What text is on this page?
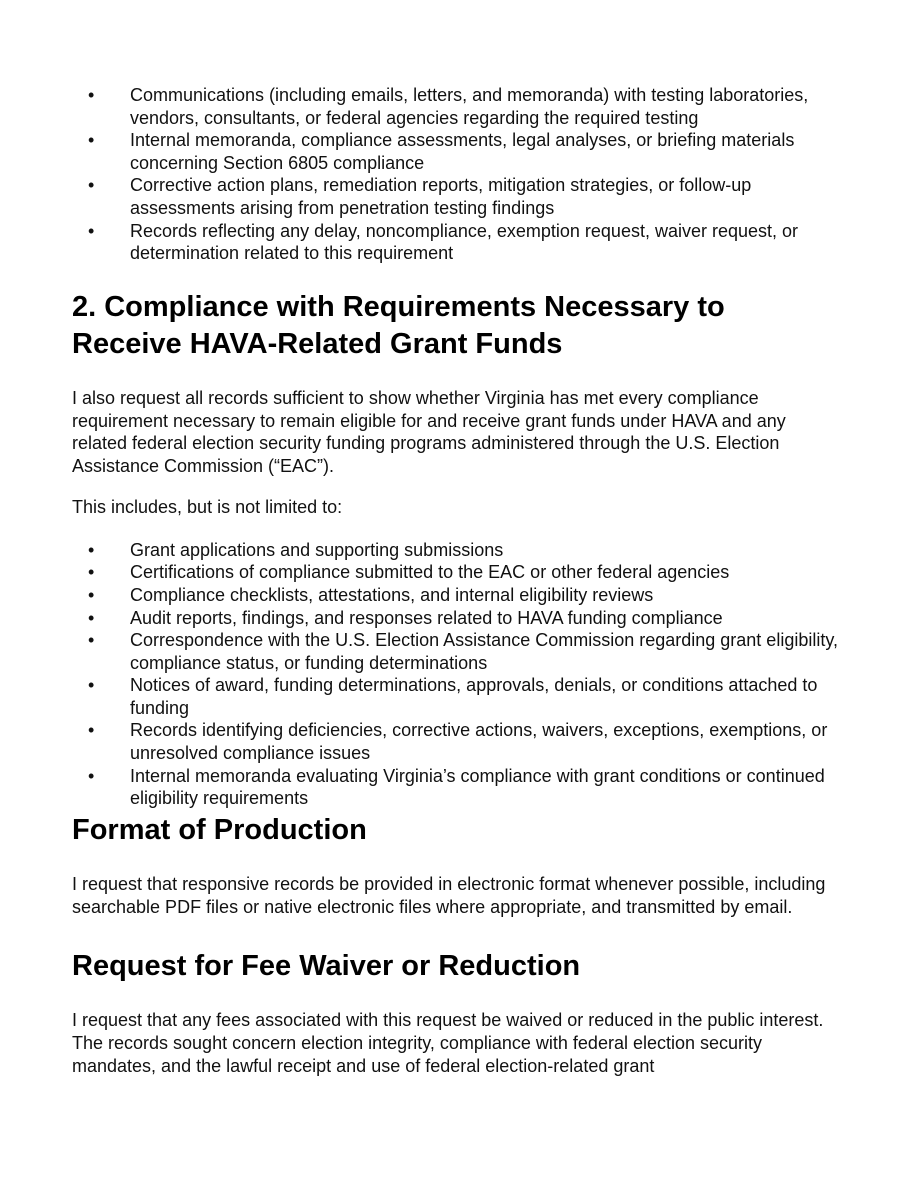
• Communications (including emails, letters, and memoranda) with testing laboratories, vendors, consultants, or federal agencies regarding the required testing
• Internal memoranda, compliance assessments, legal analyses, or briefing materials concerning Section 6805 compliance
• Corrective action plans, remediation reports, mitigation strategies, or follow-up assessments arising from penetration testing findings
• Records reflecting any delay, noncompliance, exemption request, waiver request, or determination related to this requirement
2. Compliance with Requirements Necessary to Receive HAVA-Related Grant Funds

I also request all records sufficient to show whether Virginia has met every compliance requirement necessary to remain eligible for and receive grant funds under HAVA and any related federal election security funding programs administered through the U.S. Election Assistance Commission (“EAC”).

This includes, but is not limited to:

• Grant applications and supporting submissions
• Certifications of compliance submitted to the EAC or other federal agencies
• Compliance checklists, attestations, and internal eligibility reviews
• Audit reports, findings, and responses related to HAVA funding compliance
• Correspondence with the U.S. Election Assistance Commission regarding grant eligibility, compliance status, or funding determinations
• Notices of award, funding determinations, approvals, denials, or conditions attached to funding
• Records identifying deficiencies, corrective actions, waivers, exceptions, exemptions, or unresolved compliance issues
• Internal memoranda evaluating Virginia’s compliance with grant conditions or continued eligibility requirements
Format of Production

I request that responsive records be provided in electronic format whenever possible, including searchable PDF files or native electronic files where appropriate, and transmitted by email.

Request for Fee Waiver or Reduction

I request that any fees associated with this request be waived or reduced in the public interest. The records sought concern election integrity, compliance with federal election security mandates, and the lawful receipt and use of federal election-related grant
